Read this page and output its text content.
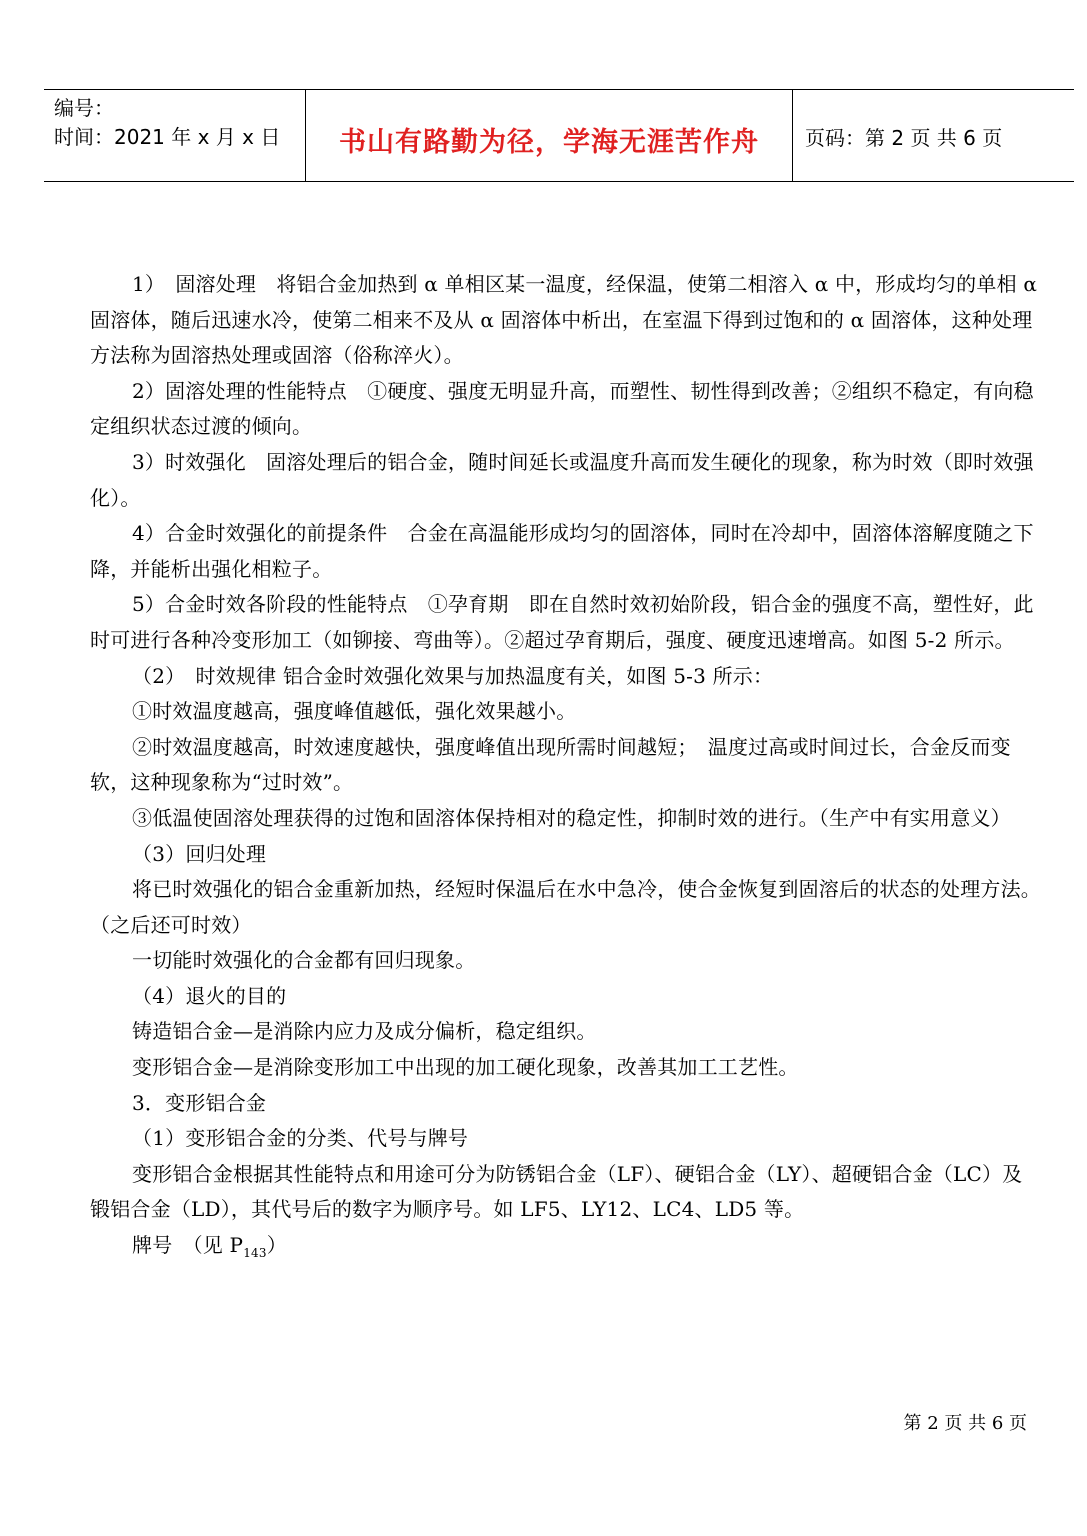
编号：
时间：2021 年 x 月 x 日	书山有路勤为径，学海无涯苦作舟	页码：第 2 页 共 6 页

1）　固溶处理　将铝合金加热到 α 单相区某一温度，经保温，使第二相溶入 α 中，形成均匀的单相 α 固溶体，随后迅速水冷，使第二相来不及从 α 固溶体中析出，在室温下得到过饱和的 α 固溶体，这种处理方法称为固溶热处理或固溶（俗称淬火）。

2）固溶处理的性能特点　①硬度、强度无明显升高，而塑性、韧性得到改善；②组织不稳定，有向稳定组织状态过渡的倾向。

3）时效强化　固溶处理后的铝合金，随时间延长或温度升高而发生硬化的现象，称为时效（即时效强化）。

4）合金时效强化的前提条件　合金在高温能形成均匀的固溶体，同时在冷却中，固溶体溶解度随之下降，并能析出强化相粒子。

5）合金时效各阶段的性能特点　①孕育期　即在自然时效初始阶段，铝合金的强度不高，塑性好，此时可进行各种冷变形加工（如铆接、弯曲等）。②超过孕育期后，强度、硬度迅速增高。如图 5-2 所示。

（2）　时效规律 铝合金时效强化效果与加热温度有关，如图 5-3 所示：

①时效温度越高，强度峰值越低，强化效果越小。

②时效温度越高，时效速度越快，强度峰值出现所需时间越短；　温度过高或时间过长，合金反而变软，这种现象称为“过时效”。

③低温使固溶处理获得的过饱和固溶体保持相对的稳定性，抑制时效的进行。（生产中有实用意义）

（3）回归处理

将已时效强化的铝合金重新加热，经短时保温后在水中急冷，使合金恢复到固溶后的状态的处理方法。（之后还可时效）

一切能时效强化的合金都有回归现象。

（4）退火的目的

铸造铝合金—是消除内应力及成分偏析，稳定组织。

变形铝合金—是消除变形加工中出现的加工硬化现象，改善其加工工艺性。

3．变形铝合金

（1）变形铝合金的分类、代号与牌号

变形铝合金根据其性能特点和用途可分为防锈铝合金（LF）、硬铝合金（LY）、超硬铝合金（LC）及锻铝合金（LD），其代号后的数字为顺序号。如 LF5、LY12、LC4、LD5 等。

牌号　（见 $P_{143}$）

第 2 页 共 6 页
